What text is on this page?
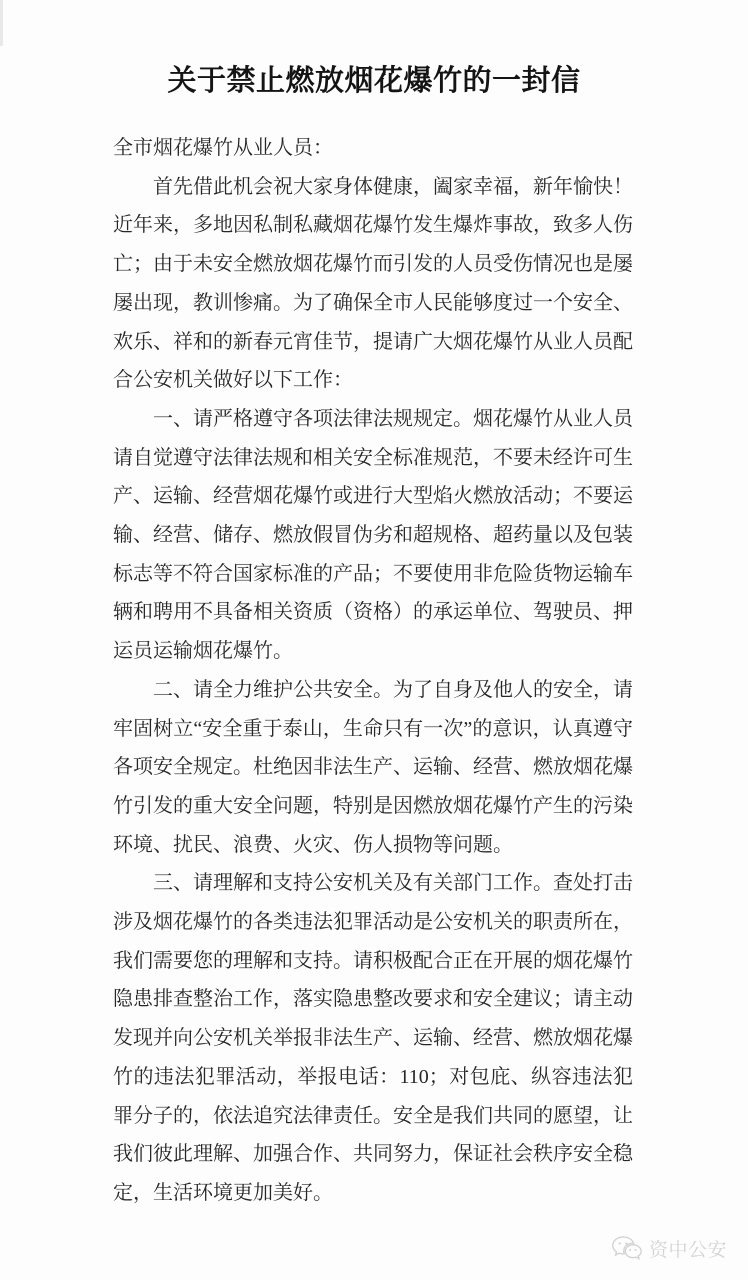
关于禁止燃放烟花爆竹的一封信

全市烟花爆竹从业人员：

首先借此机会祝大家身体健康，阖家幸福，新年愉快！近年来，多地因私制私藏烟花爆竹发生爆炸事故，致多人伤亡；由于未安全燃放烟花爆竹而引发的人员受伤情况也是屡屡出现，教训惨痛。为了确保全市人民能够度过一个安全、欢乐、祥和的新春元宵佳节，提请广大烟花爆竹从业人员配合公安机关做好以下工作：

一、请严格遵守各项法律法规规定。烟花爆竹从业人员请自觉遵守法律法规和相关安全标准规范，不要未经许可生产、运输、经营烟花爆竹或进行大型焰火燃放活动；不要运输、经营、储存、燃放假冒伪劣和超规格、超药量以及包装标志等不符合国家标准的产品；不要使用非危险货物运输车辆和聘用不具备相关资质（资格）的承运单位、驾驶员、押运员运输烟花爆竹。

二、请全力维护公共安全。为了自身及他人的安全，请牢固树立“安全重于泰山，生命只有一次”的意识，认真遵守各项安全规定。杜绝因非法生产、运输、经营、燃放烟花爆竹引发的重大安全问题，特别是因燃放烟花爆竹产生的污染环境、扰民、浪费、火灾、伤人损物等问题。

三、请理解和支持公安机关及有关部门工作。查处打击涉及烟花爆竹的各类违法犯罪活动是公安机关的职责所在，我们需要您的理解和支持。请积极配合正在开展的烟花爆竹隐患排查整治工作，落实隐患整改要求和安全建议；请主动发现并向公安机关举报非法生产、运输、经营、燃放烟花爆竹的违法犯罪活动，举报电话：110；对包庇、纵容违法犯罪分子的，依法追究法律责任。安全是我们共同的愿望，让我们彼此理解、加强合作、共同努力，保证社会秩序安全稳定，生活环境更加美好。

资中公安
